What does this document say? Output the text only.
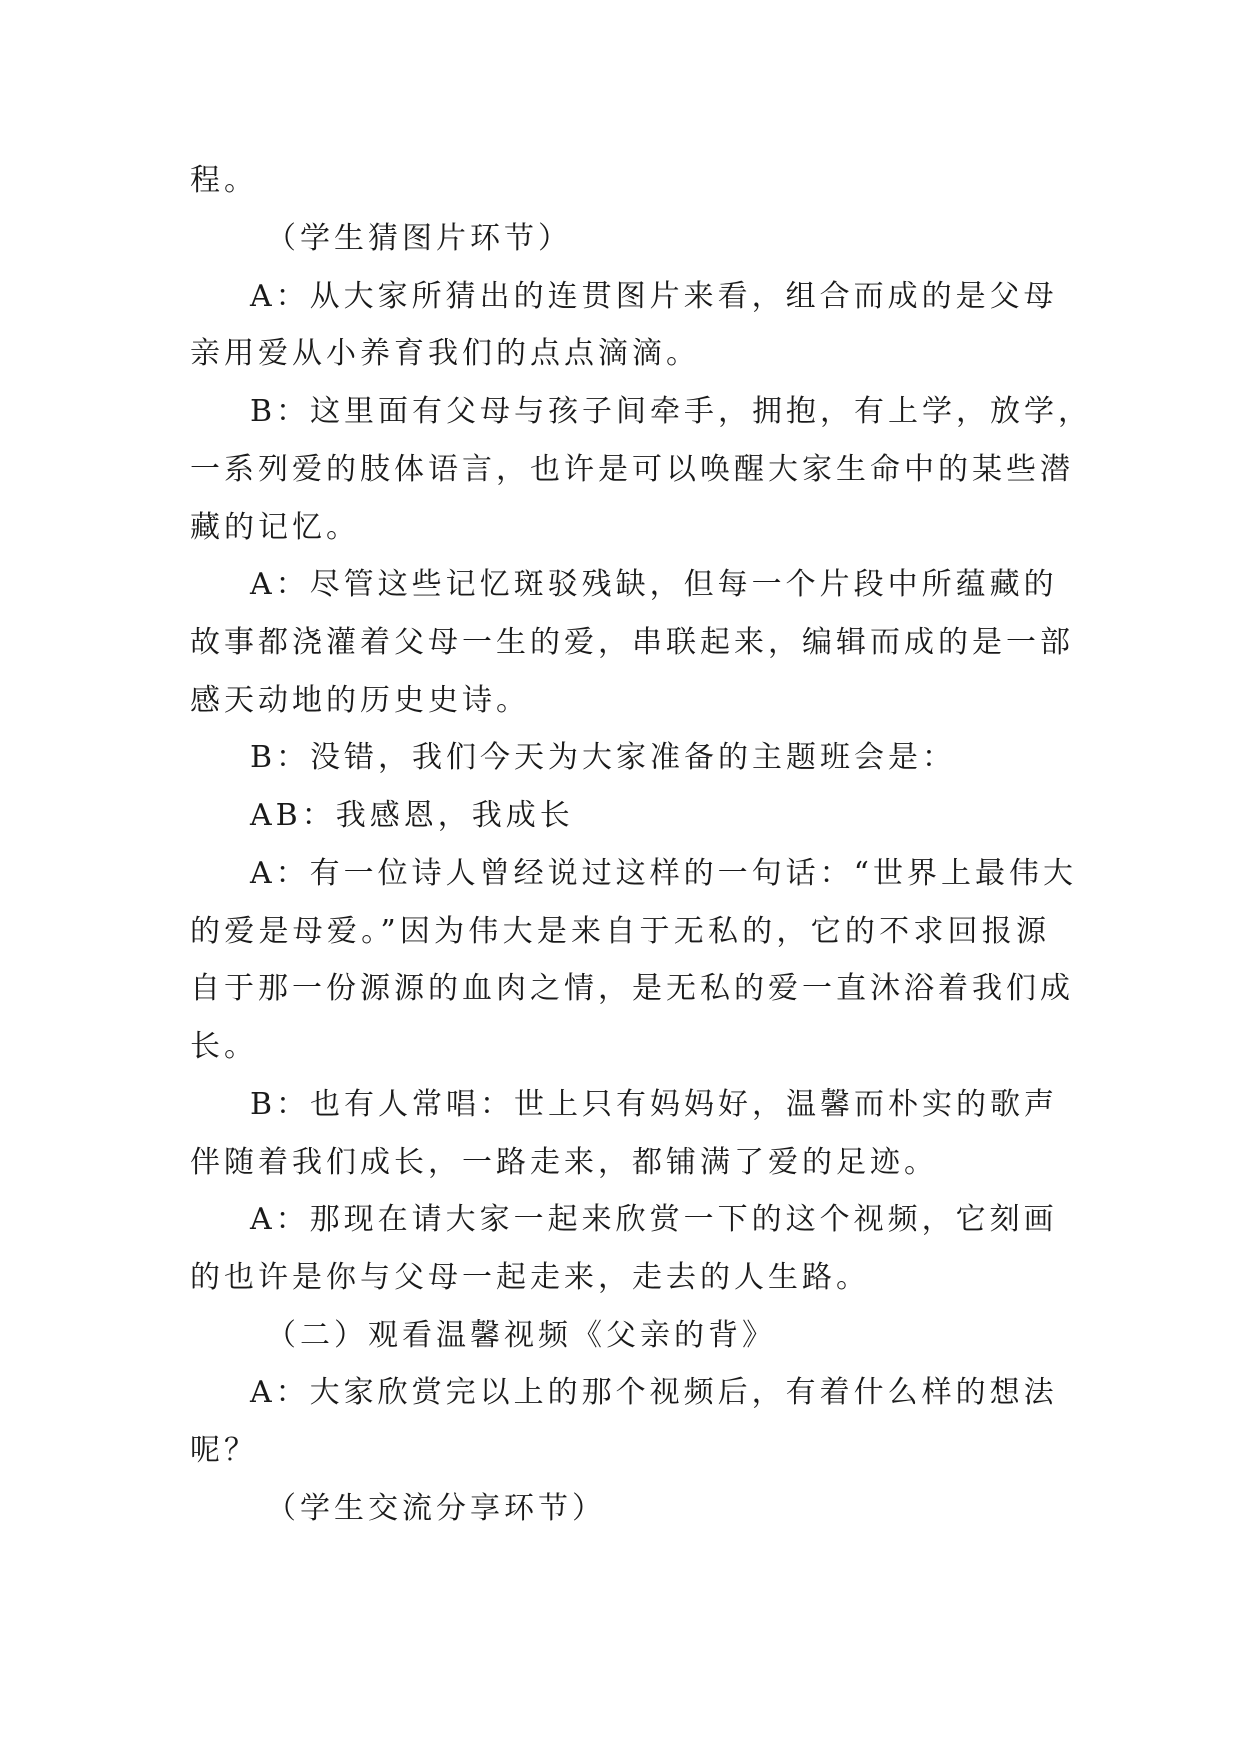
程。
（学生猜图片环节）
A：从大家所猜出的连贯图片来看，组合而成的是父母
亲用爱从小养育我们的点点滴滴。
B：这里面有父母与孩子间牵手，拥抱，有上学，放学，
一系列爱的肢体语言，也许是可以唤醒大家生命中的某些潜
藏的记忆。
A：尽管这些记忆斑驳残缺，但每一个片段中所蕴藏的
故事都浇灌着父母一生的爱，串联起来，编辑而成的是一部
感天动地的历史史诗。
B：没错，我们今天为大家准备的主题班会是：
AB：我感恩，我成长
A：有一位诗人曾经说过这样的一句话：“世界上最伟大
的爱是母爱。”因为伟大是来自于无私的，它的不求回报源
自于那一份源源的血肉之情，是无私的爱一直沐浴着我们成
长。
B：也有人常唱：世上只有妈妈好，温馨而朴实的歌声
伴随着我们成长，一路走来，都铺满了爱的足迹。
A：那现在请大家一起来欣赏一下的这个视频，它刻画
的也许是你与父母一起走来，走去的人生路。
（二）观看温馨视频《父亲的背》
A：大家欣赏完以上的那个视频后，有着什么样的想法
呢？
（学生交流分享环节）
